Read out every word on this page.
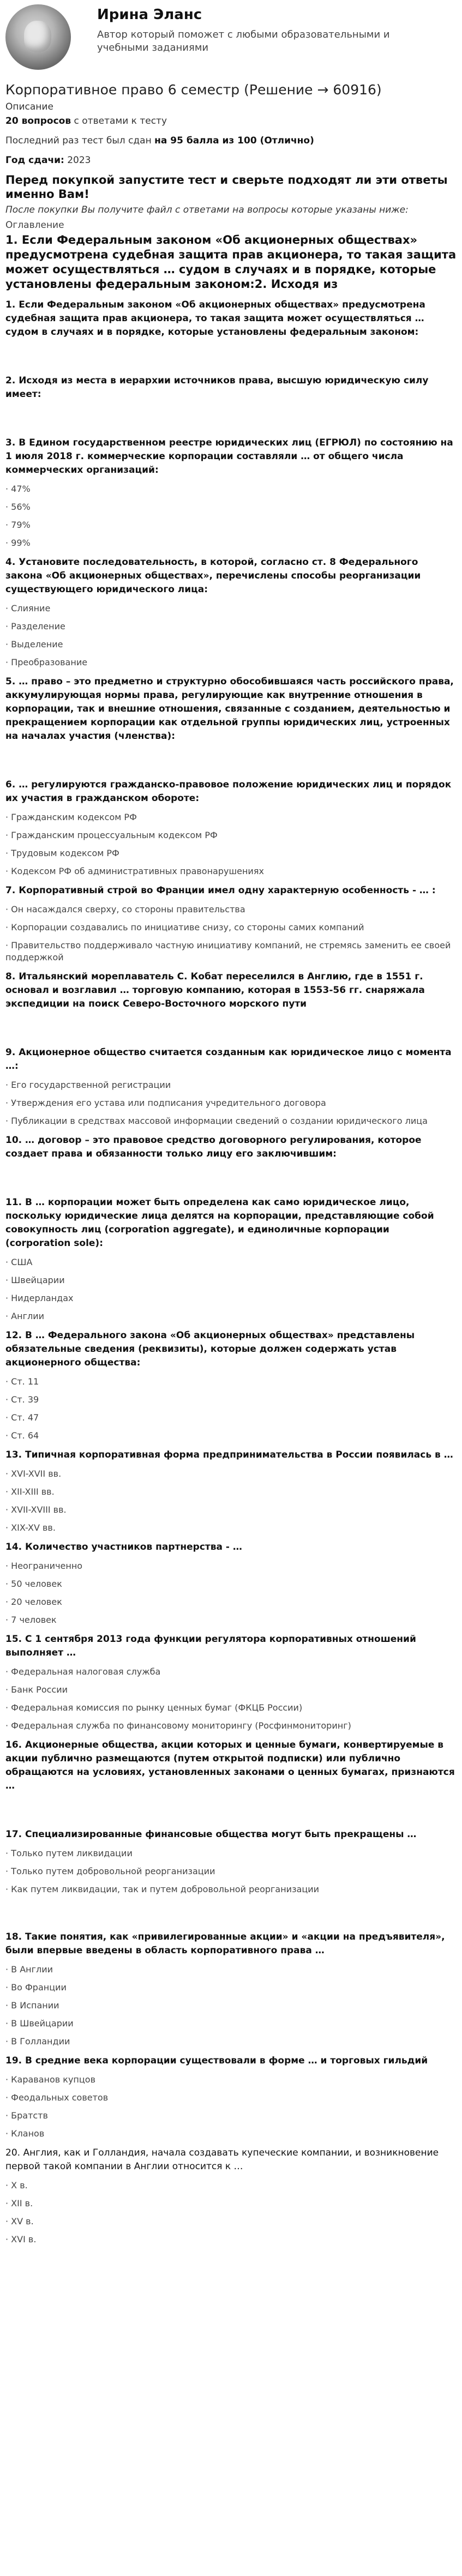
Ирина Эланс
Автор который поможет с любыми образовательными и учебными заданиями
Корпоративное право 6 семестр (Решение → 60916)
Описание
20 вопросов с ответами к тесту
Последний раз тест был сдан на 95 балла из 100 (Отлично)
Год сдачи: 2023
Перед покупкой запустите тест и сверьте подходят ли эти ответы именно Вам!
После покупки Вы получите файл с ответами на вопросы которые указаны ниже:
Оглавление
1. Если Федеральным законом «Об акционерных обществах» предусмотрена судебная защита прав акционера, то такая защита может осуществляться … судом в случаях и в порядке, которые установлены федеральным законом:2. Исходя из
1. Если Федеральным законом «Об акционерных обществах» предусмотрена судебная защита прав акционера, то такая защита может осуществляться … судом в случаях и в порядке, которые установлены федеральным законом:
2. Исходя из места в иерархии источников права, высшую юридическую силу имеет:
3. В Едином государственном реестре юридических лиц (ЕГРЮЛ) по состоянию на 1 июля 2018 г. коммерческие корпорации составляли … от общего числа коммерческих организаций:
· 47%
· 56%
· 79%
· 99%
4. Установите последовательность, в которой, согласно ст. 8 Федерального закона «Об акционерных обществах», перечислены способы реорганизации существующего юридического лица:
· Слияние
· Разделение
· Выделение
· Преобразование
5. … право – это предметно и структурно обособившаяся часть российского права, аккумулирующая нормы права, регулирующие как внутренние отношения в корпорации, так и внешние отношения, связанные с созданием, деятельностью и прекращением корпорации как отдельной группы юридических лиц, устроенных на началах участия (членства):
6. … регулируются гражданско-правовое положение юридических лиц и порядок их участия в гражданском обороте:
· Гражданским кодексом РФ
· Гражданским процессуальным кодексом РФ
· Трудовым кодексом РФ
· Кодексом РФ об административных правонарушениях
7. Корпоративный строй во Франции имел одну характерную особенность - … :
· Он насаждался сверху, со стороны правительства
· Корпорации создавались по инициативе снизу, со стороны самих компаний
· Правительство поддерживало частную инициативу компаний, не стремясь заменить ее своей поддержкой
8. Итальянский мореплаватель С. Кобат переселился в Англию, где в 1551 г. основал и возглавил … торговую компанию, которая в 1553-56 гг. снаряжала экспедиции на поиск Северо-Восточного морского пути
9. Акционерное общество считается созданным как юридическое лицо с момента …:
· Его государственной регистрации
· Утверждения его устава или подписания учредительного договора
· Публикации в средствах массовой информации сведений о создании юридического лица
10. … договор – это правовое средство договорного регулирования, которое создает права и обязанности только лицу его заключившим:
11. В … корпорации может быть определена как само юридическое лицо, поскольку юридические лица делятся на корпорации, представляющие собой совокупность лиц (corporation aggregate), и единоличные корпорации (corporation sole):
· США
· Швейцарии
· Нидерландах
· Англии
12. В … Федерального закона «Об акционерных обществах» представлены обязательные сведения (реквизиты), которые должен содержать устав акционерного общества:
· Ст. 11
· Ст. 39
· Ст. 47
· Ст. 64
13. Типичная корпоративная форма предпринимательства в России появилась в …
· XVI-XVII вв.
· XII-XIII вв.
· XVII-XVIII вв.
· XIX-XV вв.
14. Количество участников партнерства - …
· Неограниченно
· 50 человек
· 20 человек
· 7 человек
15. С 1 сентября 2013 года функции регулятора корпоративных отношений выполняет …
· Федеральная налоговая служба
· Банк России
· Федеральная комиссия по рынку ценных бумаг (ФКЦБ России)
· Федеральная служба по финансовому мониторингу (Росфинмониторинг)
16. Акционерные общества, акции которых и ценные бумаги, конвертируемые в акции публично размещаются (путем открытой подписки) или публично обращаются на условиях, установленных законами о ценных бумагах, признаются …
17. Специализированные финансовые общества могут быть прекращены …
· Только путем ликвидации
· Только путем добровольной реорганизации
· Как путем ликвидации, так и путем добровольной реорганизации
18. Такие понятия, как «привилегированные акции» и «акции на предъявителя», были впервые введены в область корпоративного права …
· В Англии
· Во Франции
· В Испании
· В Швейцарии
· В Голландии
19. В средние века корпорации существовали в форме … и торговых гильдий
· Караванов купцов
· Феодальных советов
· Братств
· Кланов
20. Англия, как и Голландия, начала создавать купеческие компании, и возникновение первой такой компании в Англии относится к …
· X в.
· XII в.
· XV в.
· XVI в.
